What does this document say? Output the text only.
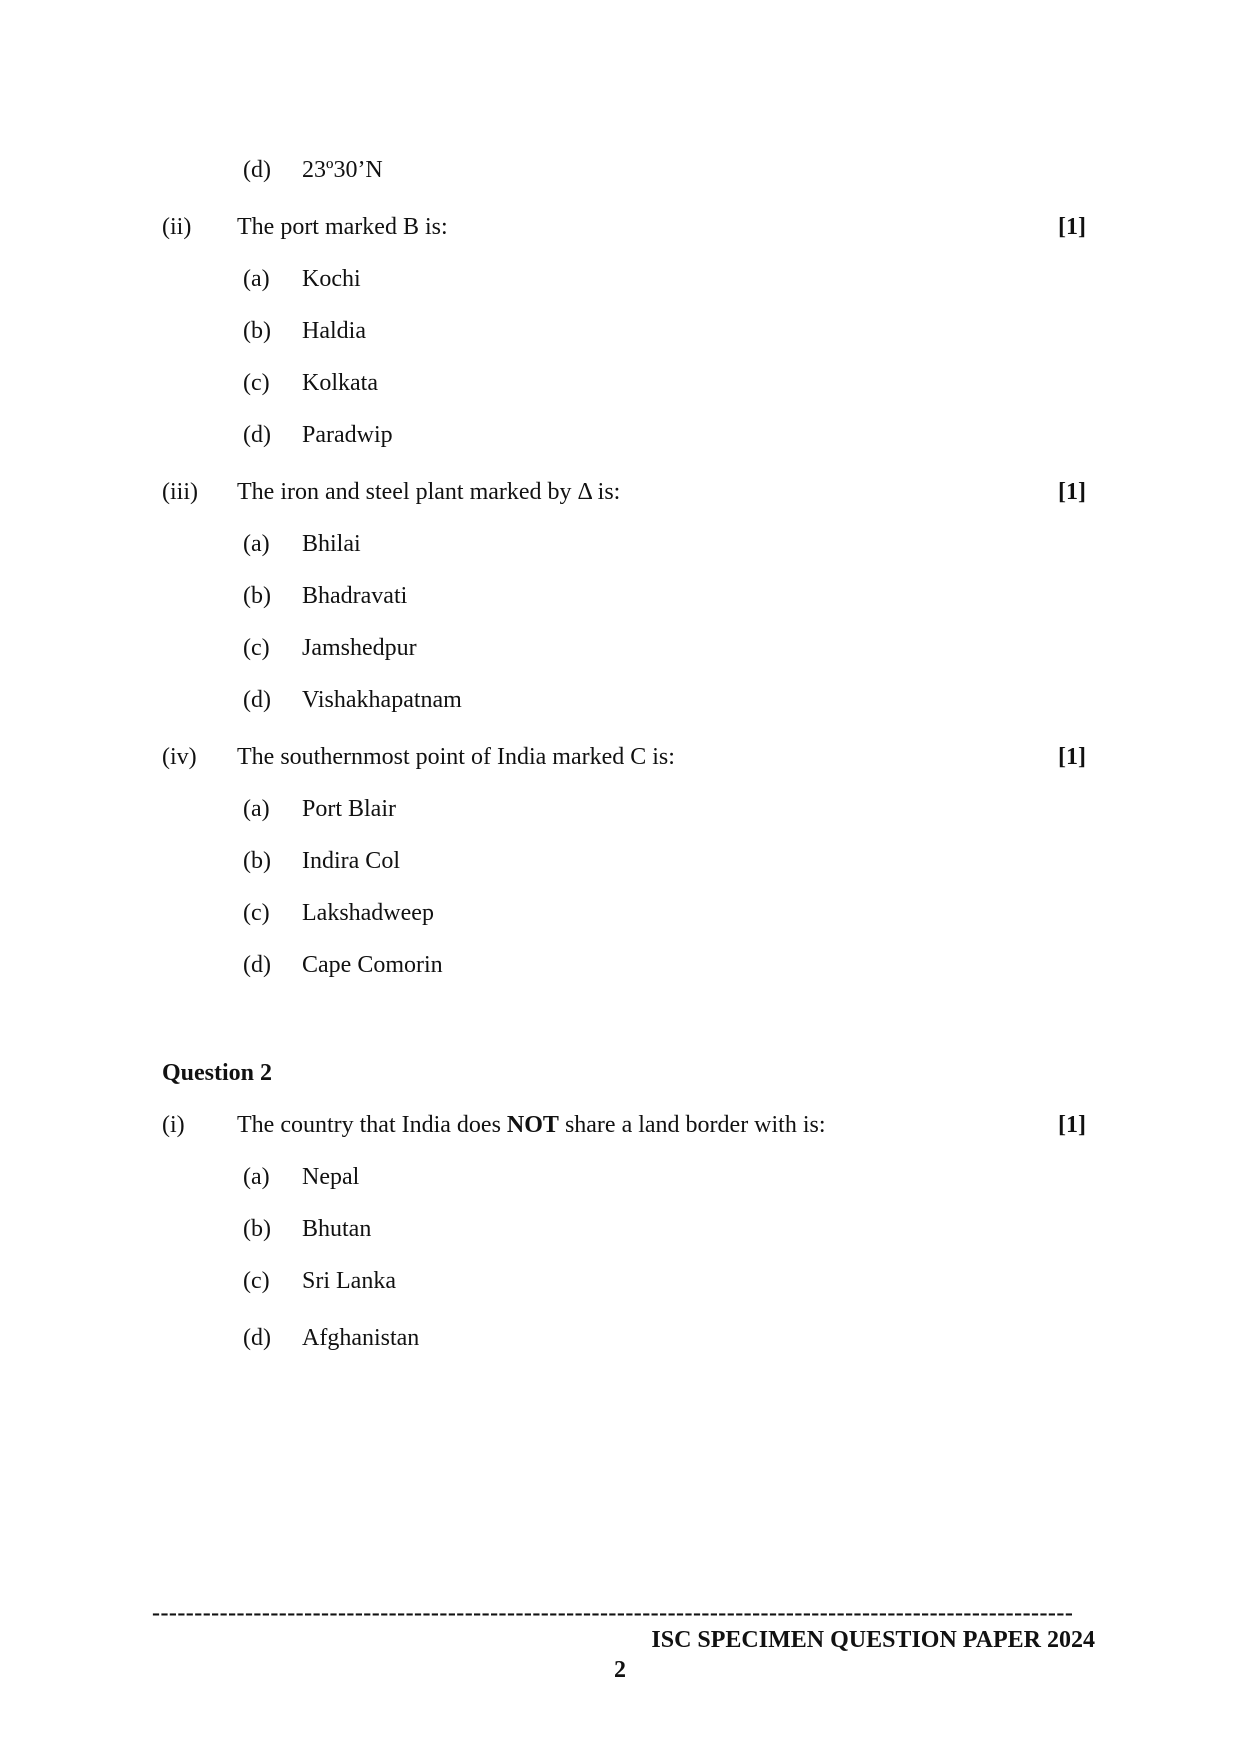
(d) 23º30’N
(ii) The port marked B is:	[1]
(a) Kochi
(b) Haldia
(c) Kolkata
(d) Paradwip
(iii) The iron and steel plant marked by Δ is:	[1]
(a) Bhilai
(b) Bhadravati
(c) Jamshedpur
(d) Vishakhapatnam
(iv) The southernmost point of India marked C is:	[1]
(a) Port Blair
(b) Indira Col
(c) Lakshadweep
(d) Cape Comorin
Question 2
(i) The country that India does NOT share a land border with is:	[1]
(a) Nepal
(b) Bhutan
(c) Sri Lanka
(d) Afghanistan
-------------------------------------------------------------------------------------------------------------
ISC SPECIMEN QUESTION PAPER 2024
2
